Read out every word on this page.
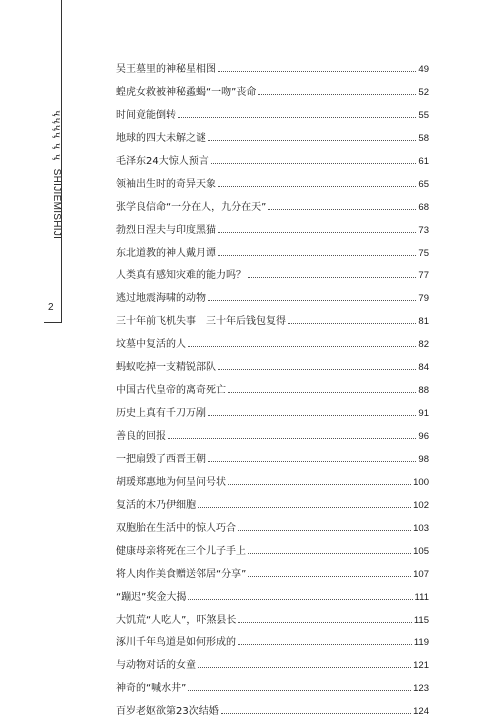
ҷҷҷҷ ҷ ҷ SHIJIEMISHIJI
2
吴王墓里的神秘星相图	49
蝗虎女救被神秘蟊蝎“一吻”丧命	52
时间竟能倒转	55
地球的四大未解之谜	58
毛泽东24大惊人预言	61
领袖出生时的奇异天象	65
张学良信命“一分在人，九分在天”	68
勃烈日涅夫与印度黑猫	73
东北道教的神人戴月谭	75
人类真有感知灾难的能力吗？	77
逃过地震海啸的动物	79
三十年前飞机失事　三十年后钱包复得	81
坟墓中复活的人	82
蚂蚁吃掉一支精锐部队	84
中国古代皇帝的离奇死亡	88
历史上真有千刀万剐	91
善良的回报	96
一把扇毁了西晋王朝	98
胡瑗郑惠地为何呈问号状	100
复活的木乃伊细胞	102
双胞胎在生活中的惊人巧合	103
健康母亲将死在三个儿子手上	105
将人肉作美食赠送邻居“分享”	107
“蹦迟”奖金大揭	111
大饥荒“人吃人”，吓煞县长	115
涿川千年鸟道是如何形成的	119
与动物对话的女童	121
神奇的“喊水井”	123
百岁老妪欲第23次结婚	124
